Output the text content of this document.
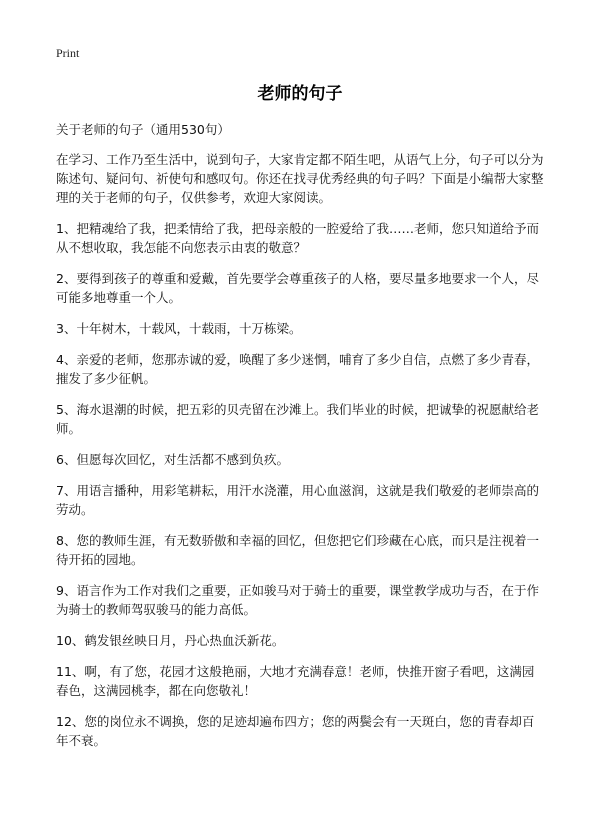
Print
老师的句子
关于老师的句子（通用530句）

在学习、工作乃至生活中，说到句子，大家肯定都不陌生吧，从语气上分，句子可以分为陈述句、疑问句、祈使句和感叹句。你还在找寻优秀经典的句子吗？下面是小编帮大家整理的关于老师的句子，仅供参考，欢迎大家阅读。

1、把精魂给了我，把柔情给了我，把母亲般的一腔爱给了我……老师，您只知道给予而从不想收取，我怎能不向您表示由衷的敬意？

2、要得到孩子的尊重和爱戴，首先要学会尊重孩子的人格，要尽量多地要求一个人，尽可能多地尊重一个人。

3、十年树木，十载风，十载雨，十万栋梁。

4、亲爱的老师，您那赤诚的爱，唤醒了多少迷惘，哺育了多少自信，点燃了多少青春，摧发了多少征帆。

5、海水退潮的时候，把五彩的贝壳留在沙滩上。我们毕业的时候，把诚挚的祝愿献给老师。

6、但愿每次回忆，对生活都不感到负疚。

7、用语言播种，用彩笔耕耘，用汗水浇灌，用心血滋润，这就是我们敬爱的老师崇高的劳动。

8、您的教师生涯，有无数骄傲和幸福的回忆，但您把它们珍藏在心底，而只是注视着一待开拓的园地。

9、语言作为工作对我们之重要，正如骏马对于骑士的重要，课堂教学成功与否，在于作为骑士的教师驾驭骏马的能力高低。

10、鹤发银丝映日月，丹心热血沃新花。

11、啊，有了您，花园才这般艳丽，大地才充满春意！老师，快推开窗子看吧，这满园春色，这满园桃李，都在向您敬礼！

12、您的岗位永不调换，您的足迹却遍布四方；您的两鬓会有一天斑白，您的青春却百年不衰。
